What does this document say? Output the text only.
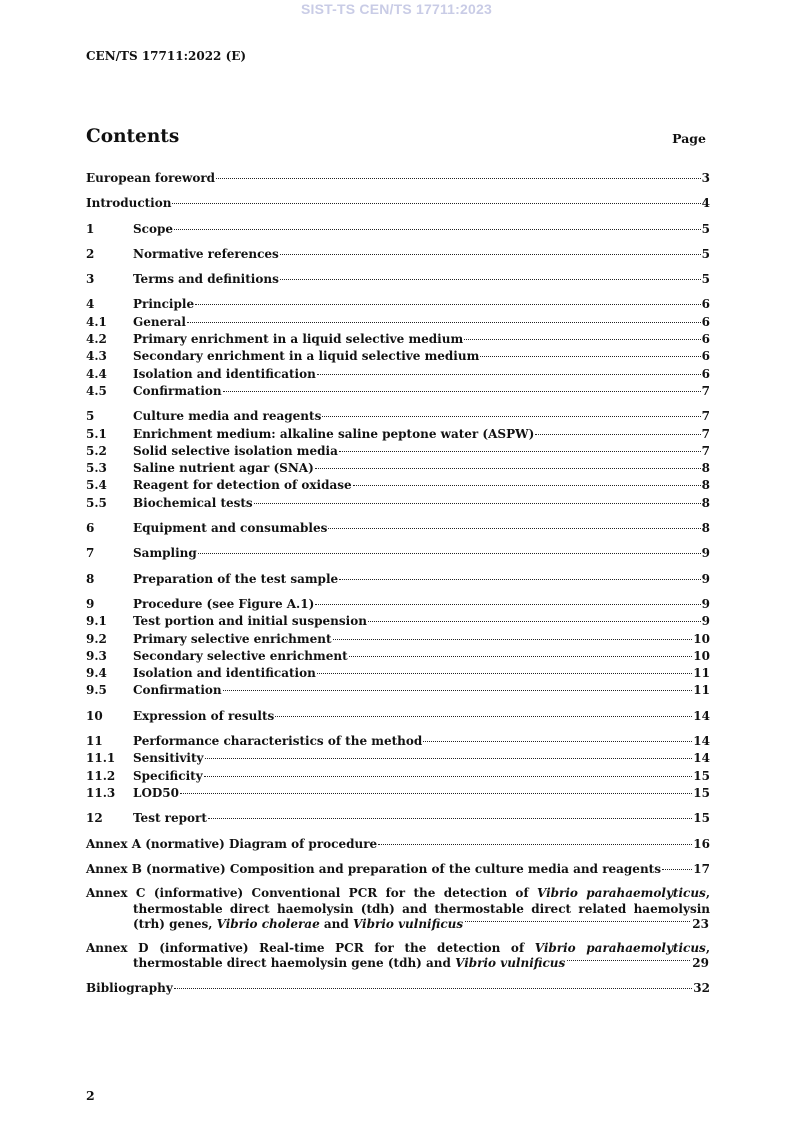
SIST-TS CEN/TS 17711:2023
CEN/TS 17711:2022 (E)
Contents	Page
European foreword	3
Introduction	4
1	Scope	5
2	Normative references	5
3	Terms and definitions	5
4	Principle	6
4.1	General	6
4.2	Primary enrichment in a liquid selective medium	6
4.3	Secondary enrichment in a liquid selective medium	6
4.4	Isolation and identification	6
4.5	Confirmation	7
5	Culture media and reagents	7
5.1	Enrichment medium: alkaline saline peptone water (ASPW)	7
5.2	Solid selective isolation media	7
5.3	Saline nutrient agar (SNA)	8
5.4	Reagent for detection of oxidase	8
5.5	Biochemical tests	8
6	Equipment and consumables	8
7	Sampling	9
8	Preparation of the test sample	9
9	Procedure (see Figure A.1)	9
9.1	Test portion and initial suspension	9
9.2	Primary selective enrichment	10
9.3	Secondary selective enrichment	10
9.4	Isolation and identification	11
9.5	Confirmation	11
10	Expression of results	14
11	Performance characteristics of the method	14
11.1	Sensitivity	14
11.2	Specificity	15
11.3	LOD50	15
12	Test report	15
Annex A (normative) Diagram of procedure	16
Annex B (normative) Composition and preparation of the culture media and reagents	17
Annex C (informative) Conventional PCR for the detection of Vibrio parahaemolyticus, thermostable direct haemolysin (tdh) and thermostable direct related haemolysin (trh) genes, Vibrio cholerae and Vibrio vulnificus	23
Annex D (informative) Real-time PCR for the detection of Vibrio parahaemolyticus, thermostable direct haemolysin gene (tdh) and Vibrio vulnificus	29
Bibliography	32
2
